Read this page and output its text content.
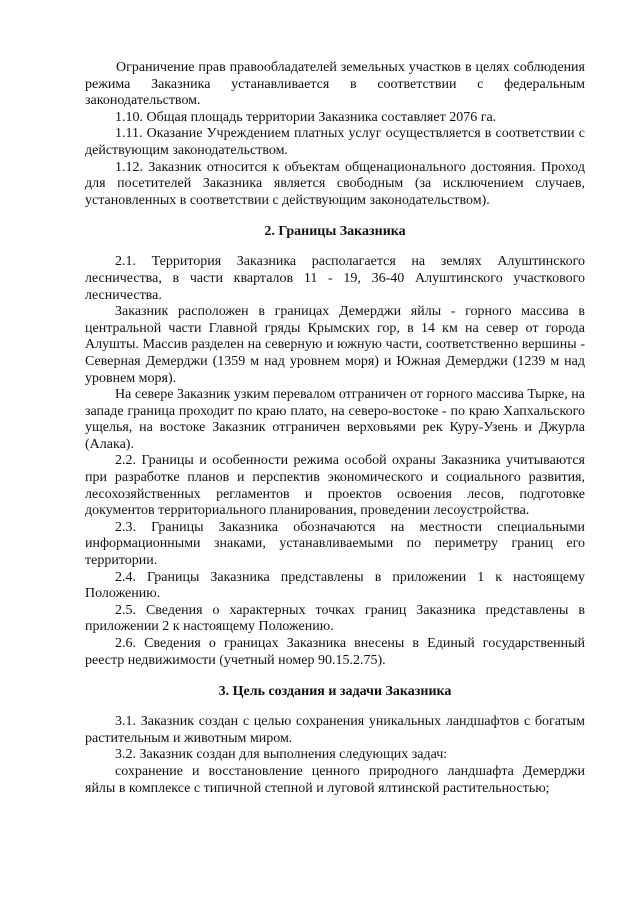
Ограничение прав правообладателей земельных участков в целях соблюдения режима Заказника устанавливается в соответствии с федеральным законодательством.

1.10. Общая площадь территории Заказника составляет 2076 га.

1.11. Оказание Учреждением платных услуг осуществляется в соответствии с действующим законодательством.

1.12. Заказник относится к объектам общенационального достояния. Проход для посетителей Заказника является свободным (за исключением случаев, установленных в соответствии с действующим законодательством).

2. Границы Заказника

2.1. Территория Заказника располагается на землях Алуштинского лесничества, в части кварталов 11 - 19, 36-40 Алуштинского участкового лесничества.

Заказник расположен в границах Демерджи яйлы - горного массива в центральной части Главной гряды Крымских гор, в 14 км на север от города Алушты. Массив разделен на северную и южную части, соответственно вершины - Северная Демерджи (1359 м над уровнем моря) и Южная Демерджи (1239 м над уровнем моря).

На севере Заказник узким перевалом отграничен от горного массива Тырке, на западе граница проходит по краю плато, на северо-востоке - по краю Хапхальского ущелья, на востоке Заказник отграничен верховьями рек Куру-Узень и Джурла (Алака).

2.2. Границы и особенности режима особой охраны Заказника учитываются при разработке планов и перспектив экономического и социального развития, лесохозяйственных регламентов и проектов освоения лесов, подготовке документов территориального планирования, проведении лесоустройства.

2.3. Границы Заказника обозначаются на местности специальными информационными знаками, устанавливаемыми по периметру границ его территории.

2.4. Границы Заказника представлены в приложении 1 к настоящему Положению.

2.5. Сведения о характерных точках границ Заказника представлены в приложении 2 к настоящему Положению.

2.6. Сведения о границах Заказника внесены в Единый государственный реестр недвижимости (учетный номер 90.15.2.75).

3. Цель создания и задачи Заказника

3.1. Заказник создан с целью сохранения уникальных ландшафтов с богатым растительным и животным миром.

3.2. Заказник создан для выполнения следующих задач:

сохранение и восстановление ценного природного ландшафта Демерджи яйлы в комплексе с типичной степной и луговой ялтинской растительностью;
